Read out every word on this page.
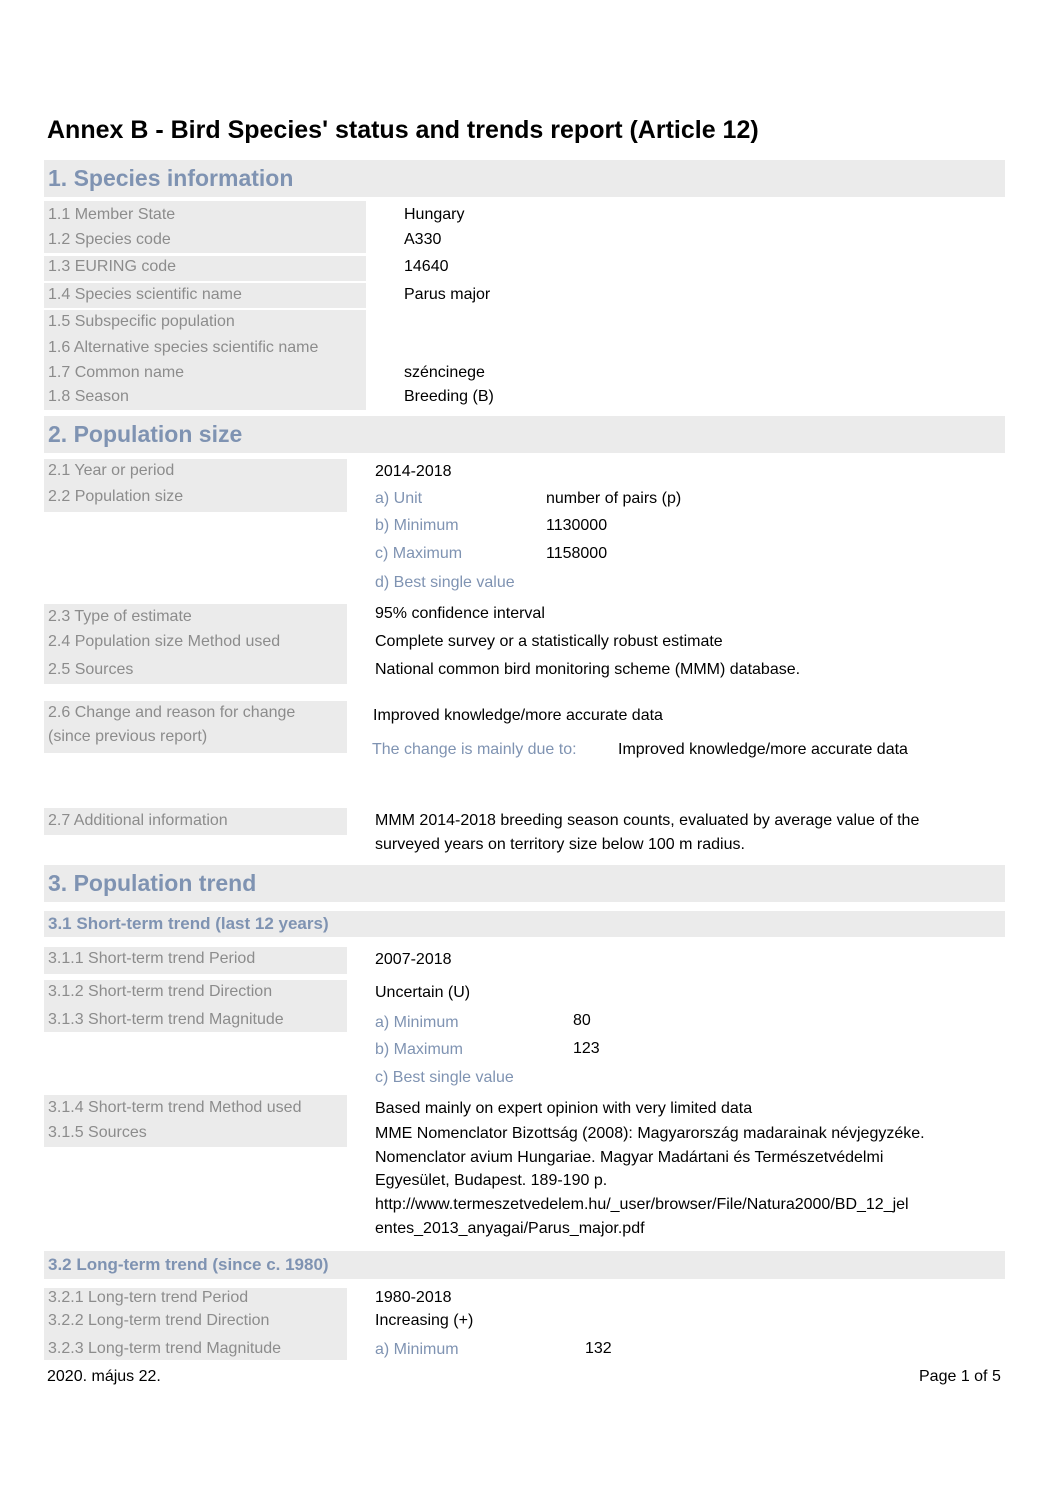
Annex B - Bird Species' status and trends report (Article 12)
1. Species information
1.1 Member State	Hungary
1.2 Species code	A330
1.3 EURING code	14640
1.4 Species scientific name	Parus major
1.5 Subspecific population
1.6 Alternative species scientific name
1.7 Common name	széncinege
1.8 Season	Breeding (B)
2. Population size
2.1 Year or period	2014-2018
2.2 Population size	a) Unit	number of pairs (p)
b) Minimum	1130000
c) Maximum	1158000
d) Best single value
2.3 Type of estimate	95% confidence interval
2.4 Population size Method used	Complete survey or a statistically robust estimate
2.5 Sources	National common bird monitoring scheme (MMM) database.
2.6 Change and reason for change
(since previous report)
Improved knowledge/more accurate data
The change is mainly due to:	Improved knowledge/more accurate data
2.7 Additional information	MMM 2014-2018 breeding season counts, evaluated by average value of the
surveyed years on territory size below 100 m radius.
3. Population trend
3.1 Short-term trend (last 12 years)
3.1.1 Short-term trend Period	2007-2018
3.1.2 Short-term trend Direction	Uncertain (U)
3.1.3 Short-term trend Magnitude	a) Minimum	80
b) Maximum	123
c) Best single value
3.1.4 Short-term trend Method used	Based mainly on expert opinion with very limited data
3.1.5 Sources	MME Nomenclator Bizottság (2008): Magyarország madarainak névjegyzéke.
Nomenclator avium Hungariae. Magyar Madártani és Természetvédelmi
Egyesület, Budapest. 189-190 p.
http://www.termeszetvedelem.hu/_user/browser/File/Natura2000/BD_12_jel
entes_2013_anyagai/Parus_major.pdf
3.2 Long-term trend (since c. 1980)
3.2.1 Long-tern trend Period	1980-2018
3.2.2 Long-term trend Direction	Increasing (+)
3.2.3 Long-term trend Magnitude	a) Minimum	132
2020. május 22.	Page 1 of 5
